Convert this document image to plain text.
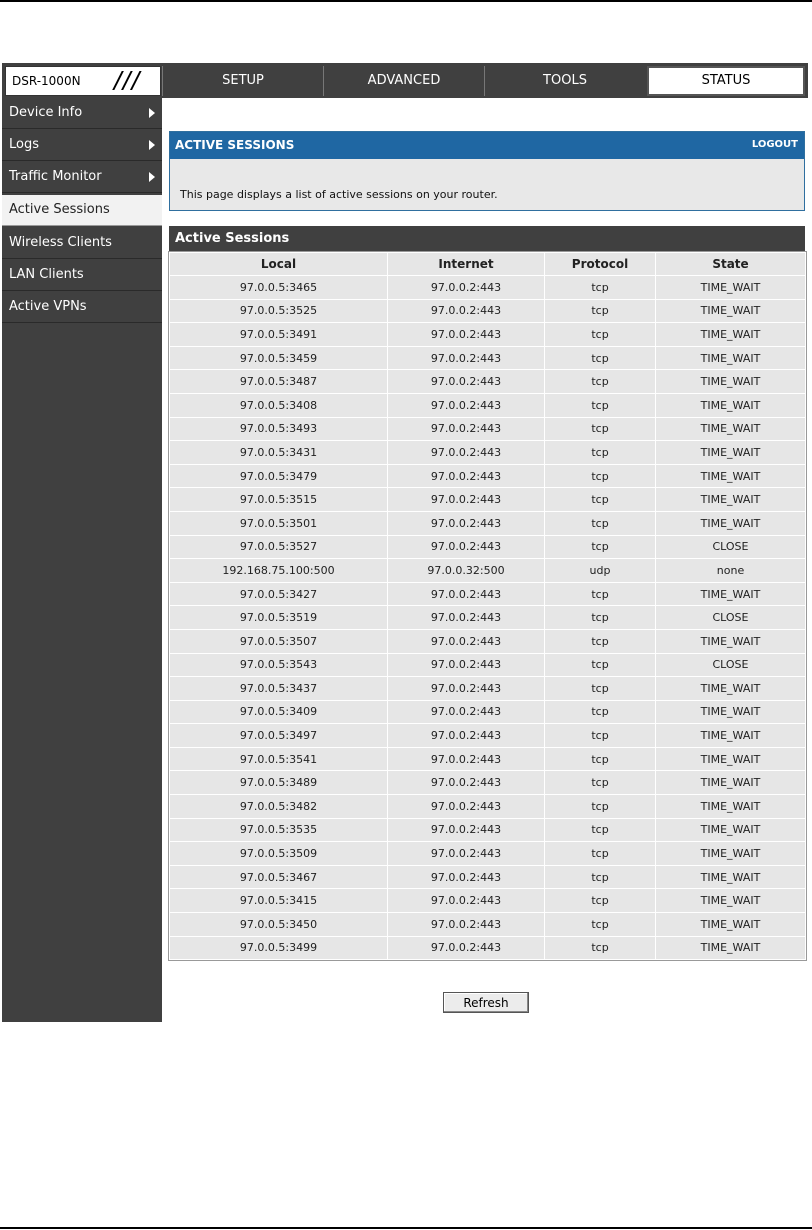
DSR-1000N ///	SETUP	ADVANCED	TOOLS	STATUS
Device Info
Logs
Traffic Monitor
Active Sessions
Wireless Clients
LAN Clients
Active VPNs
ACTIVE SESSIONS	LOGOUT
This page displays a list of active sessions on your router.
Active Sessions
Local	Internet	Protocol	State
97.0.0.5:3465	97.0.0.2:443	tcp	TIME_WAIT
97.0.0.5:3525	97.0.0.2:443	tcp	TIME_WAIT
97.0.0.5:3491	97.0.0.2:443	tcp	TIME_WAIT
97.0.0.5:3459	97.0.0.2:443	tcp	TIME_WAIT
97.0.0.5:3487	97.0.0.2:443	tcp	TIME_WAIT
97.0.0.5:3408	97.0.0.2:443	tcp	TIME_WAIT
97.0.0.5:3493	97.0.0.2:443	tcp	TIME_WAIT
97.0.0.5:3431	97.0.0.2:443	tcp	TIME_WAIT
97.0.0.5:3479	97.0.0.2:443	tcp	TIME_WAIT
97.0.0.5:3515	97.0.0.2:443	tcp	TIME_WAIT
97.0.0.5:3501	97.0.0.2:443	tcp	TIME_WAIT
97.0.0.5:3527	97.0.0.2:443	tcp	CLOSE
192.168.75.100:500	97.0.0.32:500	udp	none
97.0.0.5:3427	97.0.0.2:443	tcp	TIME_WAIT
97.0.0.5:3519	97.0.0.2:443	tcp	CLOSE
97.0.0.5:3507	97.0.0.2:443	tcp	TIME_WAIT
97.0.0.5:3543	97.0.0.2:443	tcp	CLOSE
97.0.0.5:3437	97.0.0.2:443	tcp	TIME_WAIT
97.0.0.5:3409	97.0.0.2:443	tcp	TIME_WAIT
97.0.0.5:3497	97.0.0.2:443	tcp	TIME_WAIT
97.0.0.5:3541	97.0.0.2:443	tcp	TIME_WAIT
97.0.0.5:3489	97.0.0.2:443	tcp	TIME_WAIT
97.0.0.5:3482	97.0.0.2:443	tcp	TIME_WAIT
97.0.0.5:3535	97.0.0.2:443	tcp	TIME_WAIT
97.0.0.5:3509	97.0.0.2:443	tcp	TIME_WAIT
97.0.0.5:3467	97.0.0.2:443	tcp	TIME_WAIT
97.0.0.5:3415	97.0.0.2:443	tcp	TIME_WAIT
97.0.0.5:3450	97.0.0.2:443	tcp	TIME_WAIT
97.0.0.5:3499	97.0.0.2:443	tcp	TIME_WAIT
Refresh
